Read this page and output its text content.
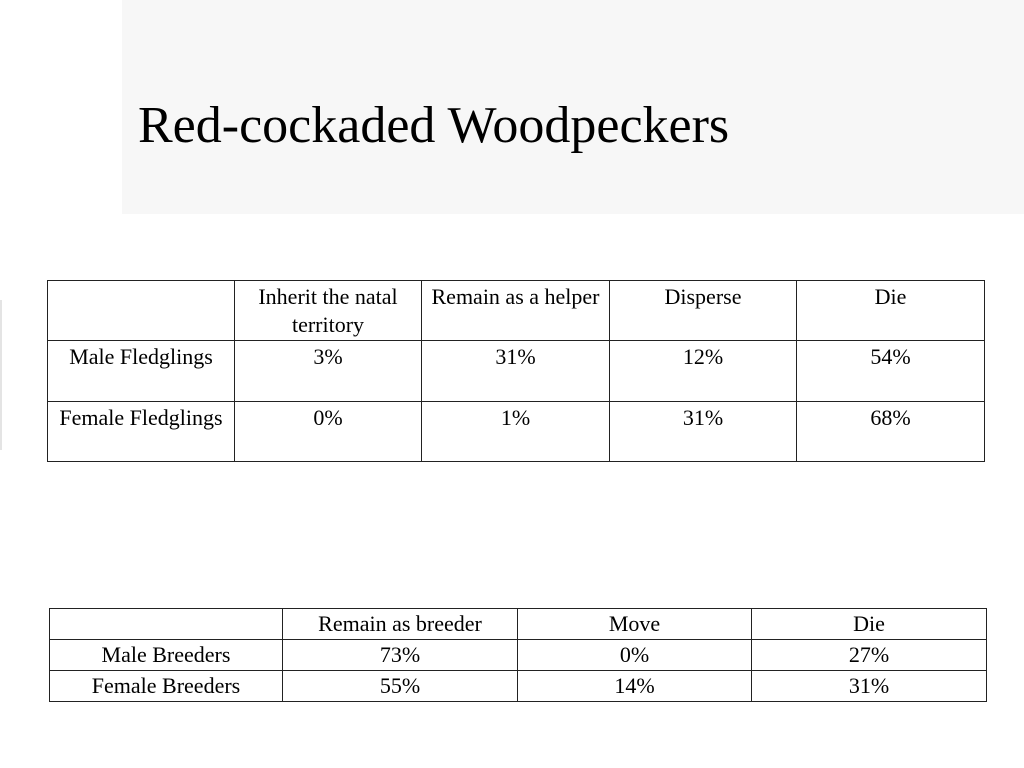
Red-cockaded Woodpeckers
	Inherit the natal territory	Remain as a helper	Disperse	Die
Male Fledglings	3%	31%	12%	54%
Female Fledglings	0%	1%	31%	68%
	Remain as breeder	Move	Die
Male Breeders	73%	0%	27%
Female Breeders	55%	14%	31%
